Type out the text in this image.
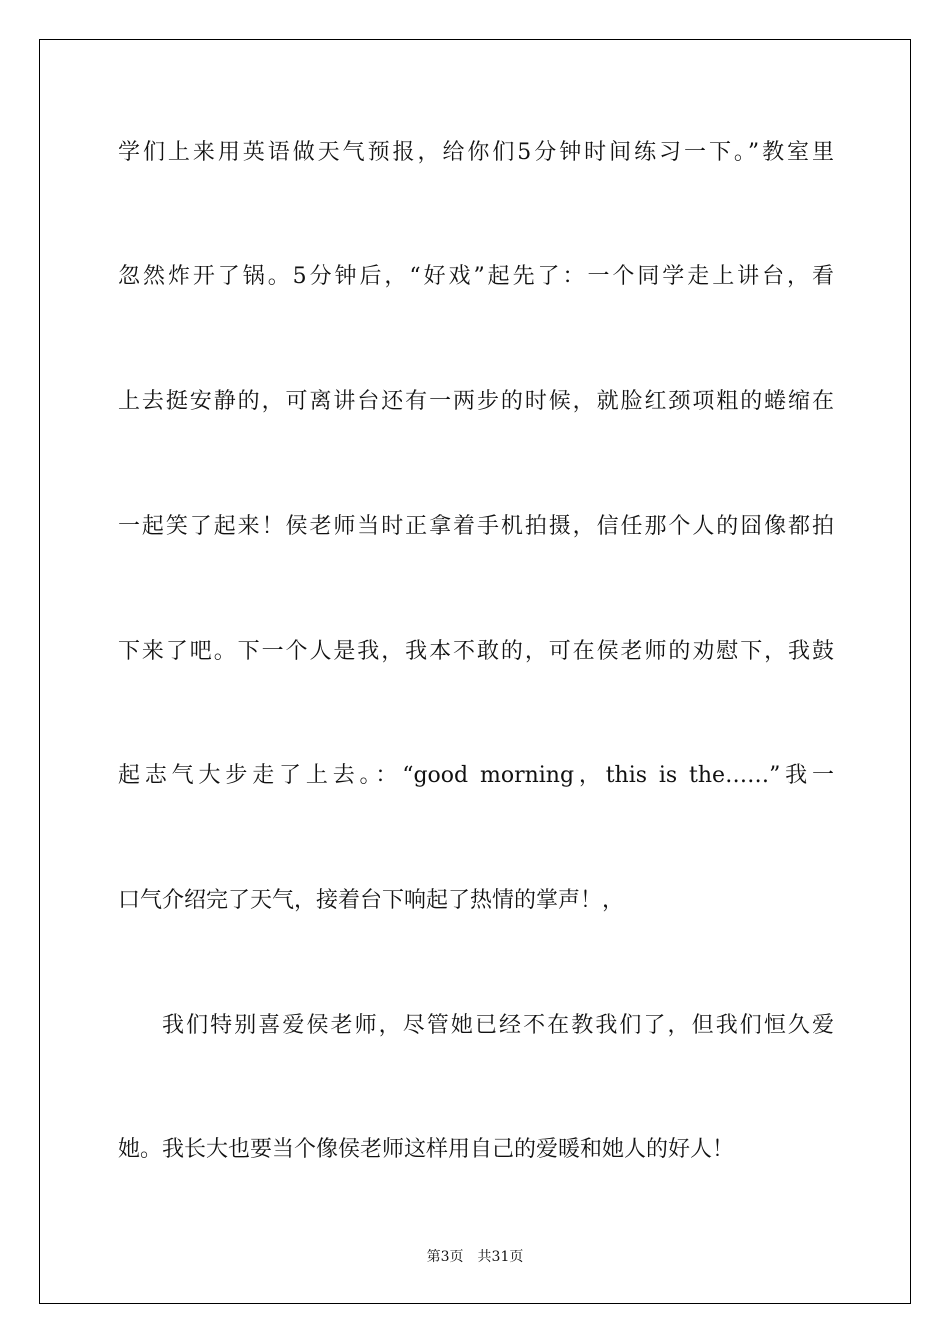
学们上来用英语做天气预报，给你们5分钟时间练习一下。”教室里
忽然炸开了锅。5分钟后，“好戏”起先了：一个同学走上讲台，看
上去挺安静的，可离讲台还有一两步的时候，就脸红颈项粗的蜷缩在
一起笑了起来！侯老师当时正拿着手机拍摄，信任那个人的囧像都拍
下来了吧。下一个人是我，我本不敢的，可在侯老师的劝慰下，我鼓
起志气大步走了上去。：“good morning，this is the……”我一
口气介绍完了天气，接着台下响起了热情的掌声！，
我们特别喜爱侯老师，尽管她已经不在教我们了，但我们恒久爱
她。我长大也要当个像侯老师这样用自己的爱暖和她人的好人！
第3页 共31页
